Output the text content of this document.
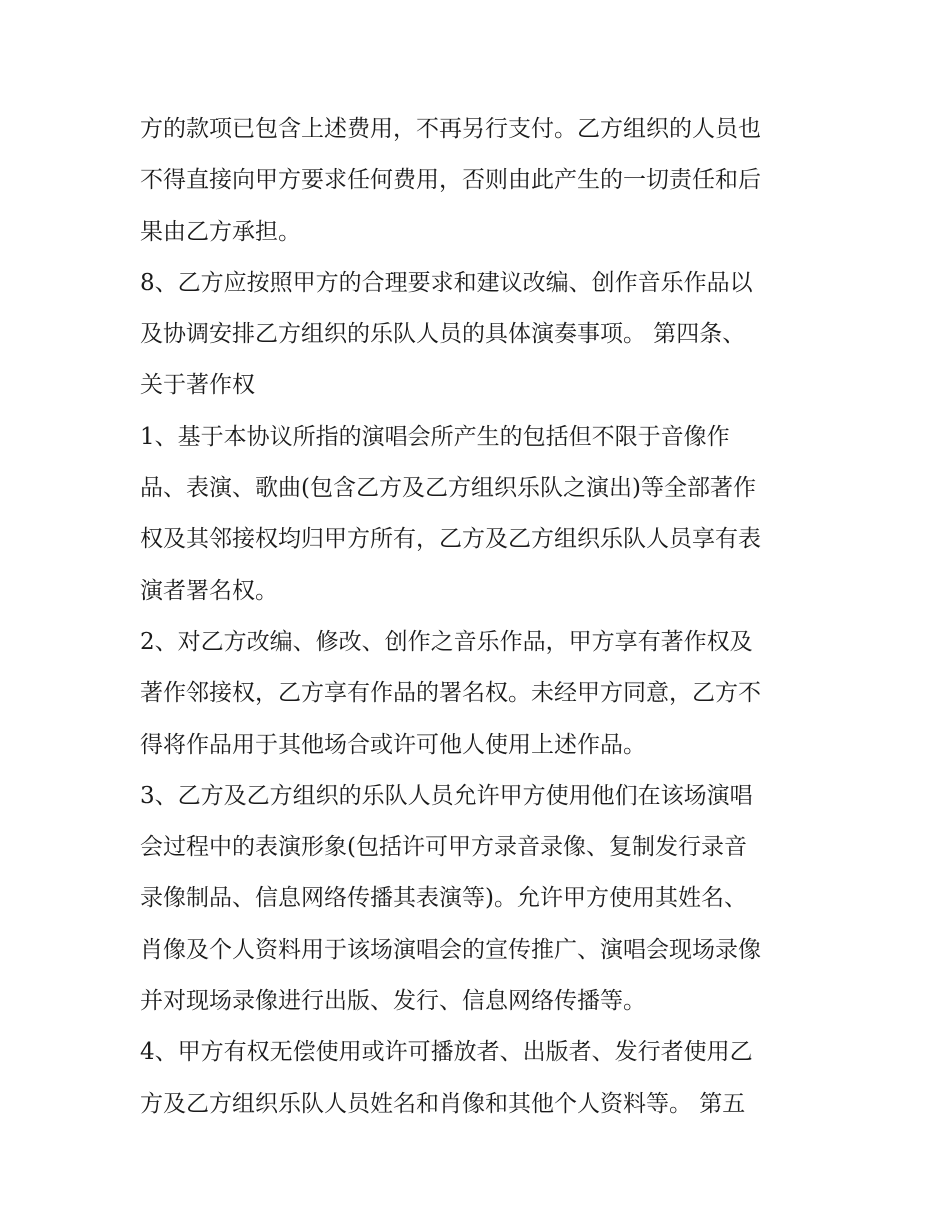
方的款项已包含上述费用，不再另行支付。乙方组织的人员也
不得直接向甲方要求任何费用，否则由此产生的一切责任和后
果由乙方承担。

8、乙方应按照甲方的合理要求和建议改编、创作音乐作品以
及协调安排乙方组织的乐队人员的具体演奏事项。 第四条、
关于著作权

1、基于本协议所指的演唱会所产生的包括但不限于音像作
品、表演、歌曲(包含乙方及乙方组织乐队之演出)等全部著作
权及其邻接权均归甲方所有，乙方及乙方组织乐队人员享有表
演者署名权。

2、对乙方改编、修改、创作之音乐作品，甲方享有著作权及
著作邻接权，乙方享有作品的署名权。未经甲方同意，乙方不
得将作品用于其他场合或许可他人使用上述作品。

3、乙方及乙方组织的乐队人员允许甲方使用他们在该场演唱
会过程中的表演形象(包括许可甲方录音录像、复制发行录音
录像制品、信息网络传播其表演等)。允许甲方使用其姓名、
肖像及个人资料用于该场演唱会的宣传推广、演唱会现场录像
并对现场录像进行出版、发行、信息网络传播等。

4、甲方有权无偿使用或许可播放者、出版者、发行者使用乙
方及乙方组织乐队人员姓名和肖像和其他个人资料等。 第五
